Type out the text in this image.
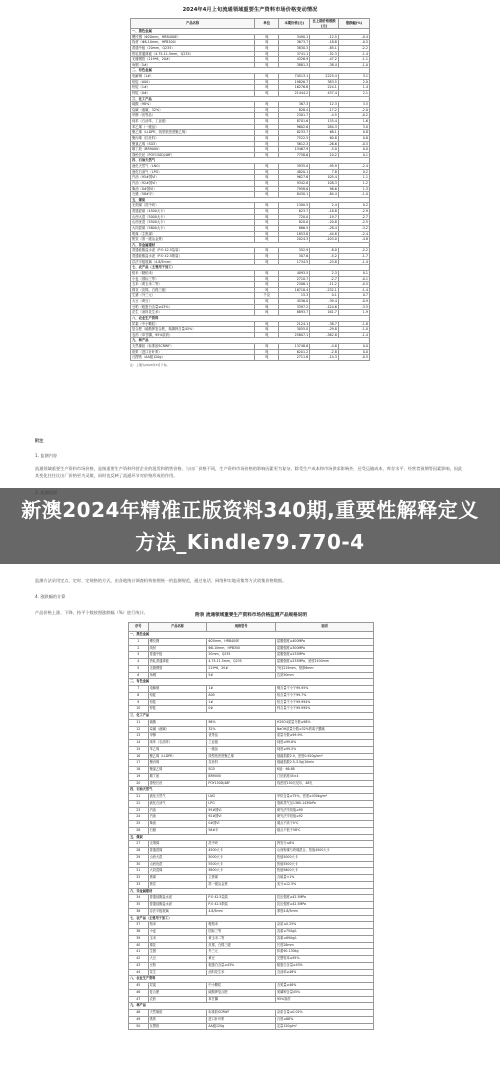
2024年4月上旬流通领域重要生产资料市场价格变动情况
产品名称	单位	本期价格(元)	比上期价格涨跌(元)	涨跌幅(%)
一、黑色金属				
螺纹钢（Φ20mm，HRB400E）	吨	3490.1	-12.5	-0.4
线材（Φ8-10mm，HPB300）	吨	3673.7	-18.8	-0.5
普通中板（20mm，Q235）	吨	3830.3	-85.1	-2.2
热轧普通薄板（4.75-11.5mm，Q235）	吨	3741.1	-52.3	-1.4
无缝钢管（219*6，20#）	吨	4326.9	-47.2	-1.1
角钢（5#）	吨	3881.3	-38.4	-1.0
二、有色金属				
电解铜（1#）	吨	74513.1	2225.4	3.1
铝锭（A00）	吨	19826.7	383.5	2.0
铅锭（1#）	吨	16276.8	224.1	1.4
锌锭（0#）	吨	21444.2	437.4	2.1
三、化工产品				
硫酸（98%）	吨	367.3	12.3	3.5
烧碱（液碱，32%）	吨	828.4	-17.2	-2.0
甲醇（优等品）	吨	2301.7	-4.5	-0.2
纯苯（石油苯，工业级）	吨	8701.6	135.4	1.6
苯乙烯（一级品）	吨	9602.6	284.3	3.0
聚乙烯（LLDPE，线型低密度聚乙烯）	吨	8233.7	68.1	0.8
聚丙烯（拉丝料）	吨	7522.5	60.8	0.8
聚氯乙烯（SG5）	吨	5612.3	-26.6	-0.5
顺丁胶（BR9000）	吨	13467.9	-5.0	0.0
涤纶长丝（POY150D/48F）	吨	7758.6	10.2	0.1
四、石油天然气				
液化天然气（LNG）	吨	3935.0	-95.9	-2.4
液化石油气（LPG）	吨	4820.1	7.8	0.2
汽油（95#国VI）	吨	9627.6	105.4	1.1
汽油（92#国VI）	吨	9342.8	108.3	1.2
柴油（0#国VI）	吨	7958.8	98.6	1.3
石蜡（58#半）	吨	8430.1	-84.4	-1.0
五、煤炭				
无烟煤（洗中块）	吨	1300.5	2.4	0.2
普通混煤（4500大卡）	吨	623.7	-18.8	-2.9
山西大混（5000大卡）	吨	720.0	-19.7	-2.7
山西优混（5500大卡）	吨	820.0	-20.8	-2.5
大同混煤（5800大卡）	吨	866.5	-28.4	-3.2
焦煤（主焦煤）	吨	1853.8	-44.8	-2.4
焦炭（准一级冶金焦）	吨	2024.3	-103.0	-4.8
六、非金属建材				
普通硅酸盐水泥（P.O 42.5袋装）	吨	352.9	-8.0	-2.2
普通硅酸盐水泥（P.O 42.5散装）	吨	307.6	-5.2	-1.7
浮法平板玻璃（4.8/5mm）	吨	1734.5	-23.8	-1.4
七、农产品（主要用于加工）				
稻米（粳稻米）	吨	4093.5	2.3	0.1
小麦（国标三等）	吨	2710.7	-2.7	-0.1
玉米（黄玉米二等）	吨	2306.1	-11.2	-0.5
棉花（皮棉，白棉三级）	吨	16718.4	-232.1	-1.4
生猪（外三元）	千克	15.3	0.1	0.7
大豆（黄豆）	吨	4536.0	-39.4	-0.9
豆粕（粗蛋白含量≥43%）	吨	3397.2	-124.6	-3.5
花生（油料花生米）	吨	8893.7	161.7	1.9
八、农业生产资料				
尿素（中小颗粒）	吨	2124.1	-38.7	-1.8
复合肥（硫酸钾复合肥，氮磷钾含量45%）	吨	3055.0	-29.8	-1.0
农药（草甘膦，95%原药）	吨	25807.1	-362.8	-1.4
九、林产品				
天然橡胶（标准胶SCRWF）	吨	13748.8	-4.8	0.0
纸浆（进口针叶浆）	吨	6201.2	-2.8	0.0
瓦楞纸（AA级120g）	吨	2711.6	-14.3	-0.5
注：上期为2024年3月下旬。
附注

1. 监测内容

流通领域重要生产资料市场价格，是指重要生产资料经营企业的批发和销售价格。与出厂价格不同，生产资料市场价格的影响因素更为复杂，除受生产成本和市场供求影响外，还受运输成本、库存水平、经营者预期等因素影响，因此其变化往往比出厂价格更为灵敏，同时也反映了流通环节对价格形成的作用。

监测方法采用定点、定时、定规格的方式，由各地统计调查机构按照统一的监测规范，通过电话、网络和实地采集等方式收集价格数据。

4. 涨跌幅的计算

产品价格上涨、下降、持平个数按照涨跌幅（%）进行统计。

新澳2024年精准正版资料340期,重要性解释定义方法_Kindle79.770-4
附表 流通领域重要生产资料市场价格监测产品规格说明
序号	产品名称	规格型号	说明
一、黑色金属			
1	螺纹钢	Φ20mm，HRB400E	屈服强度≥400MPa
2	线材	Φ8-10mm，HPB300	屈服强度≥300MPa
3	普通中板	20mm，Q235	屈服强度≥235MPa
4	热轧普通薄板	4.75-11.5mm，Q235	屈服强度≥235MPa，宽度1500mm
5	无缝钢管	219*6，20#	外径219mm，壁厚6mm
6	角钢	5#	边宽50mm
二、有色金属			
7	电解铜	1#	铜含量不小于99.95%
8	铝锭	A00	铝含量不小于99.7%
9	铅锭	1#	铅含量不小于99.994%
10	锌锭	0#	锌含量不小于99.995%
三、化工产品			
11	硫酸	98%	H2SO4质量分数≥98%
12	烧碱（液碱）	32%	NaOH质量分数≥32%的离子膜碱
13	甲醇	优等品	质量分数≥99.9%
14	纯苯（石油苯）	工业级	纯度≥99.8%
15	苯乙烯	一级品	纯度≥99.5%
16	聚乙烯（LLDPE）	线型低密度聚乙烯	熔融指数2.0，密度0.920g/cm³
17	聚丙烯	拉丝料	熔融指数2.5-3.5g/10min
18	聚氯乙烯	SG5	K值：66-68
19	顺丁胶	BR9000	门尼粘度45±4
20	涤纶长丝	POY150D/48F	线密度150旦尼尔，48孔
四、石油天然气			
21	液化天然气	LNG	甲烷含量≥75%，密度≥430kg/m³
22	液化石油气	LPG	饱和蒸气压1380-1430kPa
23	汽油	95#国VI	研究法辛烷值≥95
24	汽油	92#国VI	研究法辛烷值≥92
25	柴油	0#国VI	凝点不高于0℃
26	石蜡	58#半	熔点不低于58℃
五、煤炭			
27	无烟煤	洗中块	挥发分≤8%
28	普通混煤	4500大卡	山西粉煤与块煤混合，热值4500大卡
29	山西大混	5000大卡	热值5000大卡
30	山西优混	5500大卡	热值5500大卡
31	大同混煤	5800大卡	热值5800大卡
32	焦煤	主焦煤	含硫量<1%
33	焦炭	准一级冶金焦	灰分≤12.5%
六、非金属建材			
34	普通硅酸盐水泥	P.O 42.5袋装	抗压强度≥42.5MPa
35	普通硅酸盐水泥	P.O 42.5散装	抗压强度≥42.5MPa
36	浮法平板玻璃	4.8/5mm	厚度4.8/5mm
七、农产品（主要用于加工）			
37	稻米	粳稻米	杂质≤0.25%
38	小麦	国标三等	容重≥750g/L
39	玉米	黄玉米二等	容重≥690g/L
40	棉花	皮棉，白棉三级	长度28mm
41	生猪	外三元	体重90-130kg
42	大豆	黄豆	完整粒率≥95%
43	豆粕	粗蛋白含量≥43%	粗蛋白含量≥43%
44	花生	油料花生米	含油率≥46%
八、农业生产资料			
45	尿素	中小颗粒	含氮量≥46%
46	复合肥	硫酸钾复合肥	氮磷钾含量45%
47	农药	草甘膦	95%原药
九、林产品			
48	天然橡胶	标准胶SCRWF	杂质含量≤0.02%
49	纸浆	进口针叶浆	白度≥88%
50	瓦楞纸	AA级120g	定量120g/m²
